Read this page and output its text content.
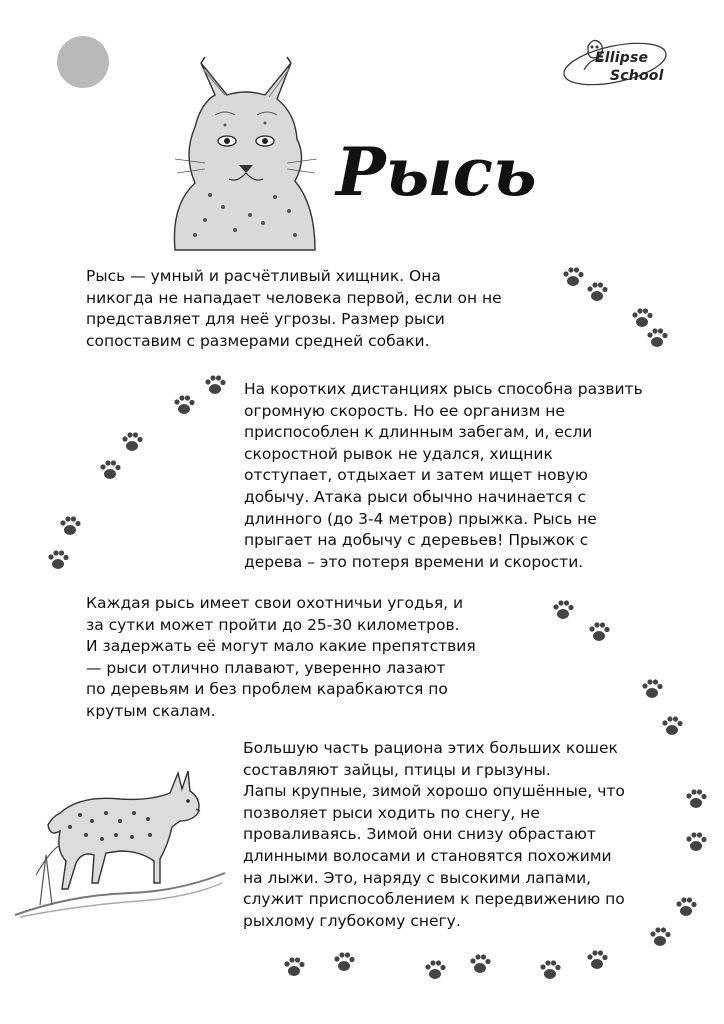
Ellipse
School
Рысь

Рысь — умный и расчётливый хищник. Она
никогда не нападает человека первой, если он не
представляет для неё угрозы. Размер рыси
сопоставим с размерами средней собаки.

На коротких дистанциях рысь способна развить
огромную скорость. Но ее организм не
приспособлен к длинным забегам, и, если
скоростной рывок не удался, хищник
отступает, отдыхает и затем ищет новую
добычу. Атака рыси обычно начинается с
длинного (до 3-4 метров) прыжка. Рысь не
прыгает на добычу с деревьев! Прыжок с
дерева – это потеря времени и скорости.

Каждая рысь имеет свои охотничьи угодья, и
за сутки может пройти до 25-30 километров.
И задержать её могут мало какие препятствия
— рыси отлично плавают, уверенно лазают
по деревьям и без проблем карабкаются по
крутым скалам.

Большую часть рациона этих больших кошек
составляют зайцы, птицы и грызуны.
Лапы крупные, зимой хорошо опушённые, что
позволяет рыси ходить по снегу, не
проваливаясь. Зимой они снизу обрастают
длинными волосами и становятся похожими
на лыжи. Это, наряду с высокими лапами,
служит приспособлением к передвижению по
рыхлому глубокому снегу.
